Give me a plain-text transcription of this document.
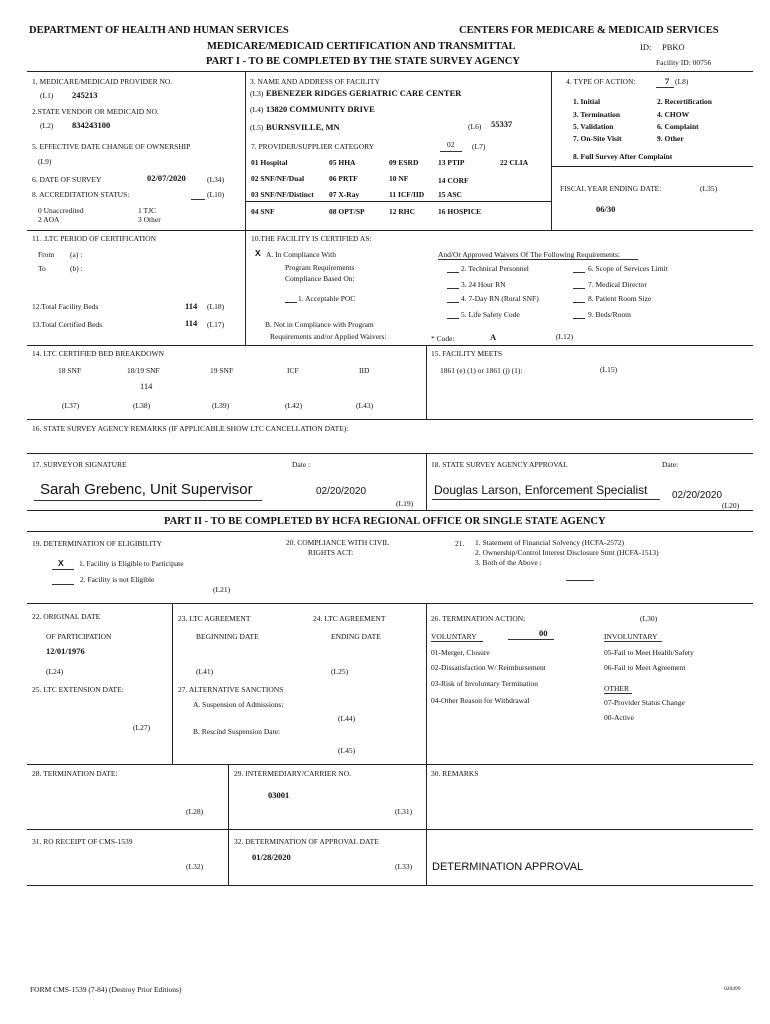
DEPARTMENT OF HEALTH AND HUMAN SERVICES	CENTERS FOR MEDICARE & MEDICAID SERVICES
MEDICARE/MEDICAID CERTIFICATION AND TRANSMITTAL	ID: PBKO
PART I - TO BE COMPLETED BY THE STATE SURVEY AGENCY	Facility ID: 00756
1. MEDICARE/MEDICAID PROVIDER NO.
(L1) 245213
2.STATE VENDOR OR MEDICAID NO.
(L2) 834243100
3. NAME AND ADDRESS OF FACILITY
(L3) EBENEZER RIDGES GERIATRIC CARE CENTER
(L4) 13820 COMMUNITY DRIVE
(L5) BURNSVILLE, MN	(L6) 55337
4. TYPE OF ACTION:	7 (L8)
1. Initial	2. Recertification
3. Termination	4. CHOW
5. Validation	6. Complaint
7. On-Site Visit	9. Other
8. Full Survey After Complaint
5. EFFECTIVE DATE CHANGE OF OWNERSHIP
(L9)
6. DATE OF SURVEY	02/07/2020	(L34)
8. ACCREDITATION STATUS:	(L10)
0 Unaccredited	1 TJC
2 AOA	3 Other
7. PROVIDER/SUPPLIER CATEGORY	02 (L7)
01 Hospital	05 HHA	09 ESRD	13 PTIP	22 CLIA
02 SNF/NF/Dual	06 PRTF	10 NF	14 CORF
03 SNF/NF/Distinct 07 X-Ray	11 ICF/IID 15 ASC
04 SNF	08 OPT/SP	12 RHC	16 HOSPICE
FISCAL YEAR ENDING DATE:	(L35)
06/30
11. .LTC PERIOD OF CERTIFICATION
From (a) :
To	(b) :
12.Total Facility Beds	114 (L18)
13.Total Certified Beds	114 (L17)
10.THE FACILITY IS CERTIFIED AS:
X A. In Compliance With
Program Requirements
Compliance Based On:
1. Acceptable POC
B. Not in Compliance with Program
Requirements and/or Applied Waivers:
And/Or Approved Waivers Of The Following Requirements:
2. Technical Personnel
3. 24 Hour RN
4. 7-Day RN (Rural SNF)
5. Life Safety Code
6. Scope of Services Limit
7. Medical Director
8. Patient Room Size
9. Beds/Room
* Code:	A	(L12)
14. LTC CERTIFIED BED BREAKDOWN
18 SNF	18/19 SNF	19 SNF	ICF	IID
114
(L37)	(L38)	(L39)	(L42)	(L43)
15. FACILITY MEETS
1861 (e) (1) or 1861 (j) (1):	(L15)
16. STATE SURVEY AGENCY REMARKS (IF APPLICABLE SHOW LTC CANCELLATION DATE):
17. SURVEYOR SIGNATURE	Date :
Sarah Grebenc, Unit Supervisor	02/20/2020
(L19)
18. STATE SURVEY AGENCY APPROVAL	Date:
Douglas Larson, Enforcement Specialist 02/20/2020
(L20)
PART II - TO BE COMPLETED BY HCFA REGIONAL OFFICE OR SINGLE STATE AGENCY
19. DETERMINATION OF ELIGIBILITY
X 1. Facility is Eligible to Participate
2. Facility is not Eligible
(L21)
20. COMPLIANCE WITH CIVIL
RIGHTS ACT:
21. 1. Statement of Financial Solvency (HCFA-2572)
2. Ownership/Control Interest Disclosure Stmt (HCFA-1513)
3. Both of the Above :
22. ORIGINAL DATE
OF PARTICIPATION
12/01/1976
(L24)
23. LTC AGREEMENT
BEGINNING DATE
(L41)
24. LTC AGREEMENT
ENDING DATE
(L25)
25. LTC EXTENSION DATE:
(L27)
27. ALTERNATIVE SANCTIONS
A. Suspension of Admissions:
(L44)
B. Rescind Suspension Date:
(L45)
26. TERMINATION ACTION:	(L30)
VOLUNTARY	00	INVOLUNTARY
01-Merger, Closure
02-Dissatisfaction W/ Reimbursement
03-Risk of Involuntary Termination
04-Other Reason for Withdrawal
05-Fail to Meet Health/Safety
06-Fail to Meet Agreement
OTHER
07-Provider Status Change
00-Active
28. TERMINATION DATE:
(L28)
29. INTERMEDIARY/CARRIER NO.
03001
(L31)
30. REMARKS
31. RO RECEIPT OF CMS-1539
(L32)
32. DETERMINATION OF APPROVAL DATE
01/28/2020
(L33) DETERMINATION APPROVAL
FORM CMS-1539 (7-84) (Destroy Prior Editions)	020499
